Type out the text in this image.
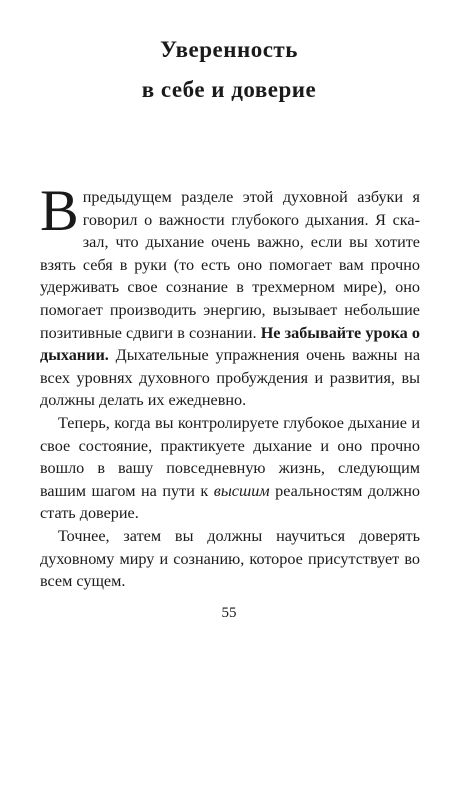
Уверенность
в себе и доверие

Впредыдущем разделе этой духовной азбуки я говорил о важности глубокого дыхания. Я сказал, что дыхание очень важно, если вы хотите взять себя в руки (то есть оно помогает вам прочно удерживать свое сознание в трехмерном мире), оно помогает производить энергию, вызывает небольшие позитивные сдвиги в сознании. Не забывайте урока о дыхании. Дыхательные упражнения очень важны на всех уровнях духовного пробуждения и развития, вы должны делать их ежедневно.

Теперь, когда вы контролируете глубокое дыхание и свое состояние, практикуете дыхание и оно прочно вошло в вашу повседневную жизнь, следующим вашим шагом на пути к высшим реальностям должно стать доверие.

Точнее, затем вы должны научиться доверять духовному миру и сознанию, которое присутствует во всем сущем.

55
